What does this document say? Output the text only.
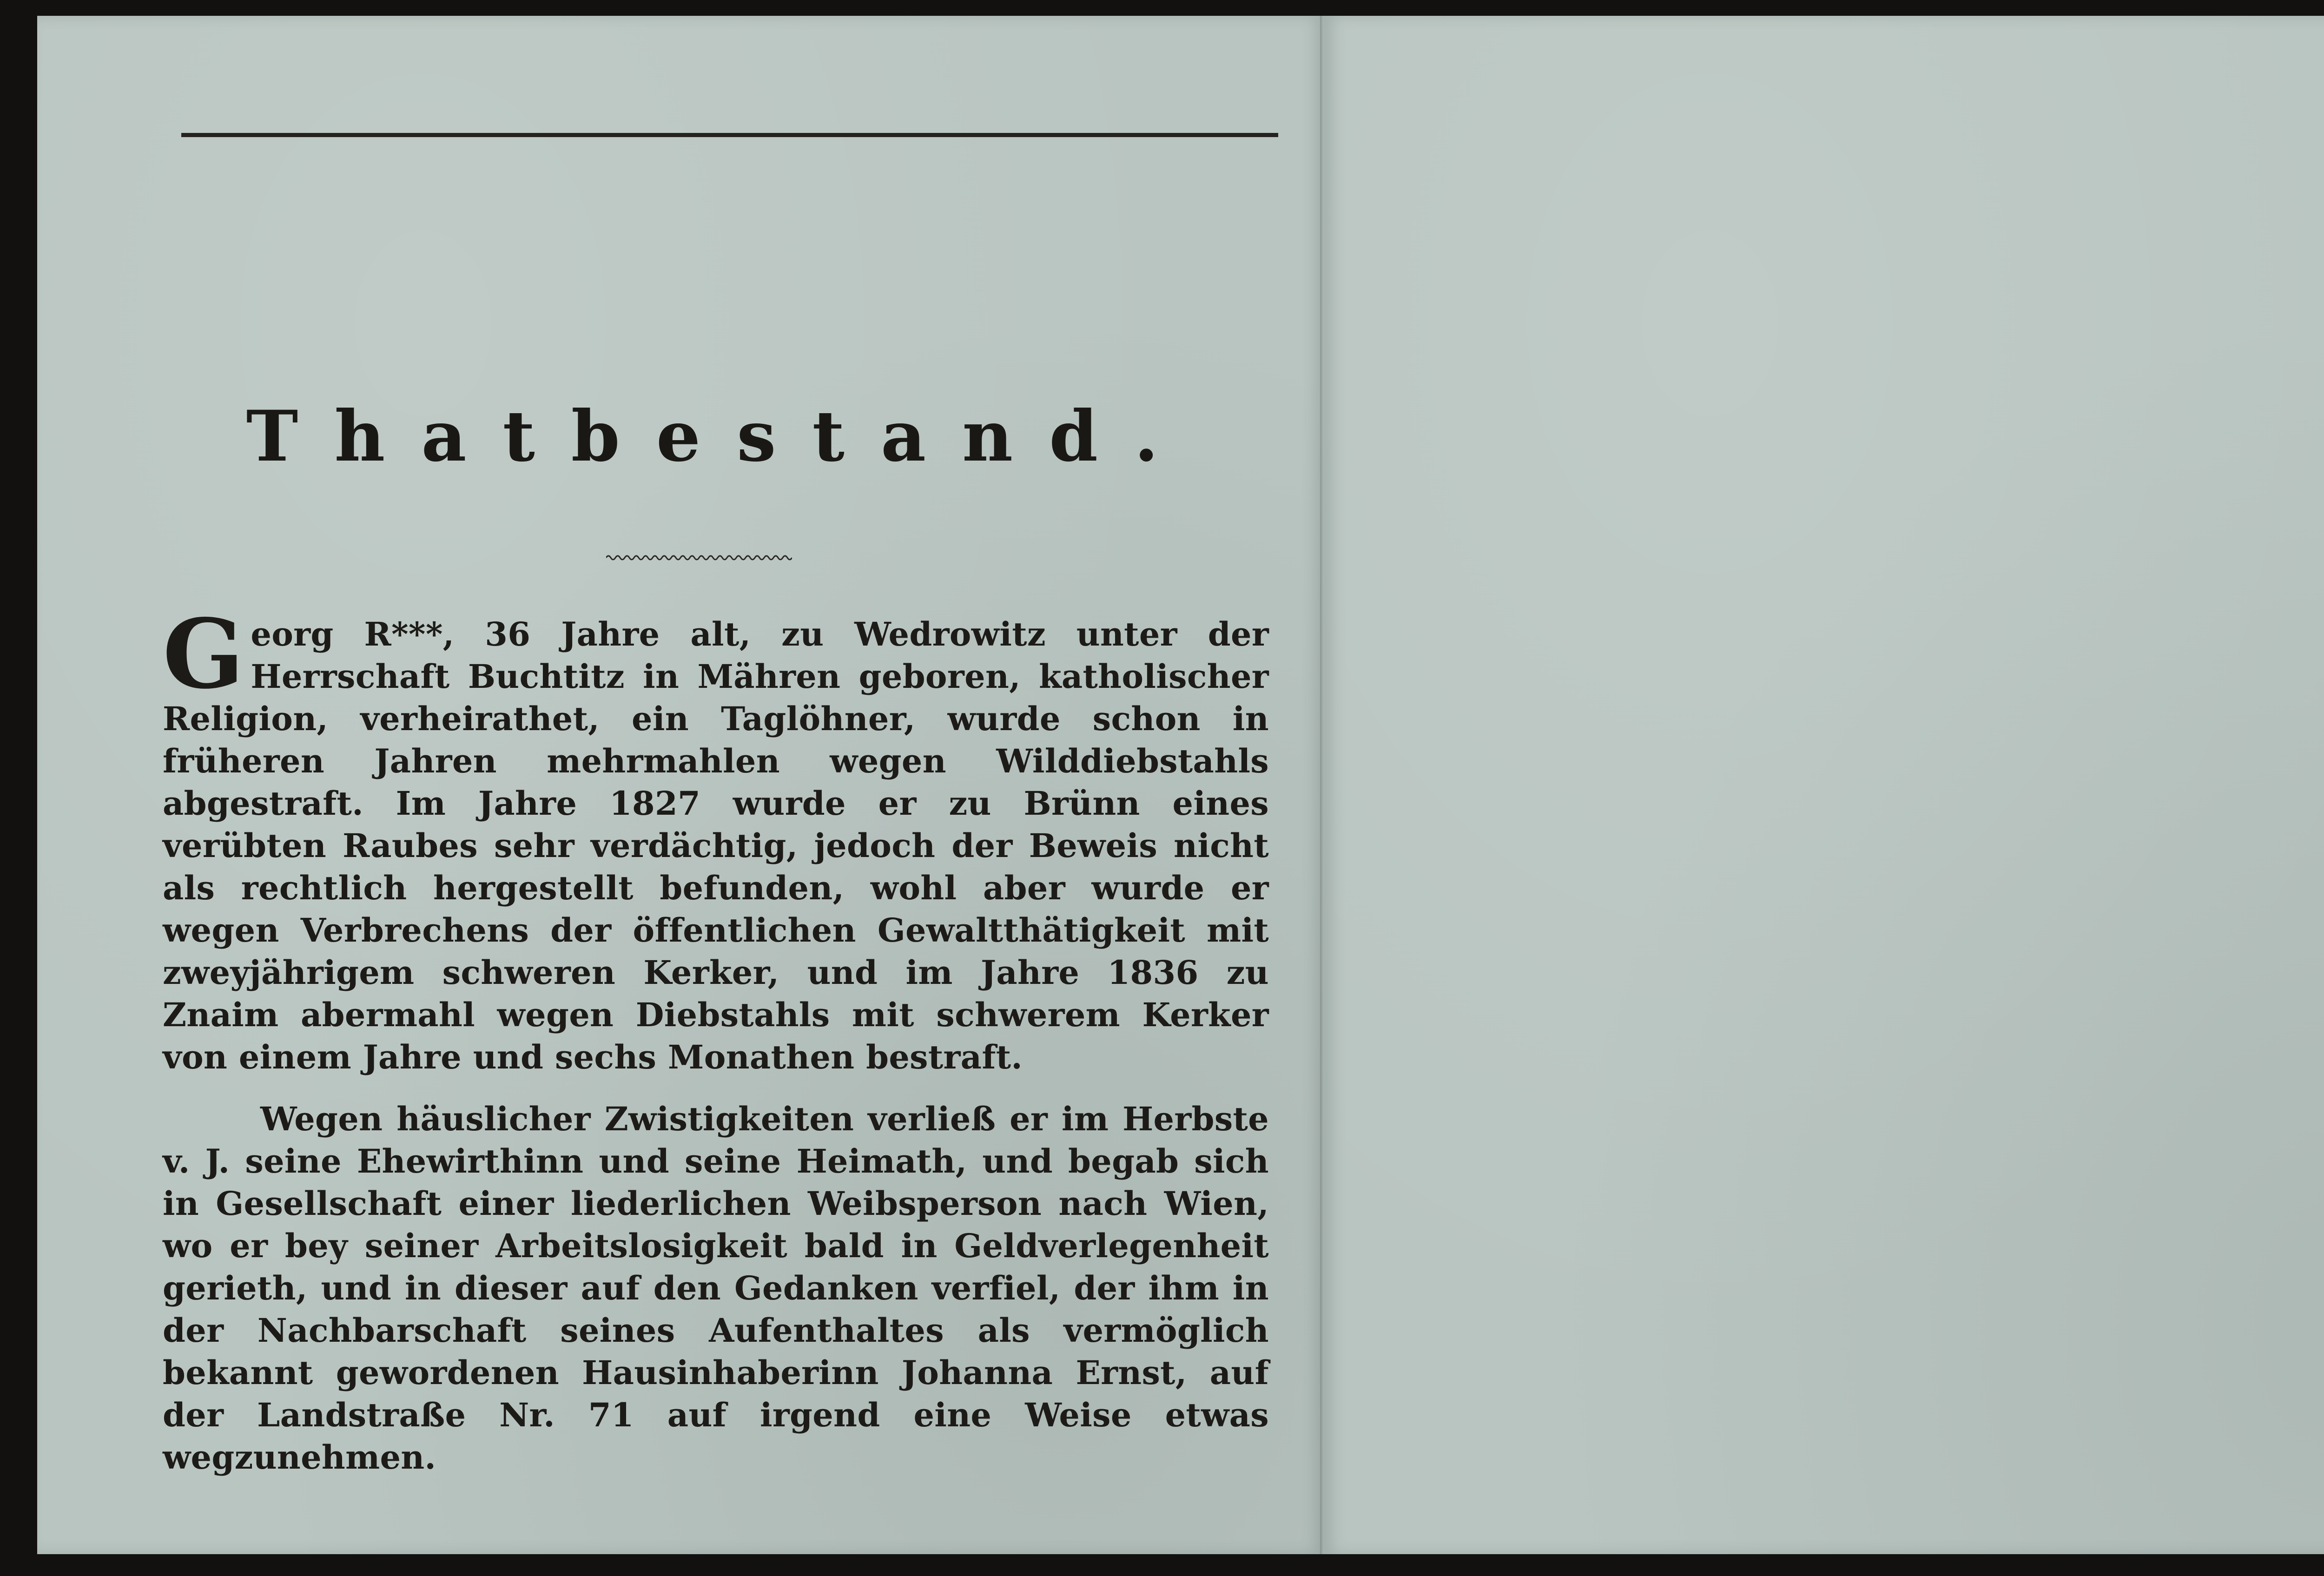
Thatbestand.

Georg R***, 36 Jahre alt, zu Wedrowitz unter der Herrschaft Buchtitz in Mähren geboren, katholischer Religion, verheirathet, ein Taglöhner, wurde schon in früheren Jahren mehrmahlen wegen Wilddiebstahls abgestraft. Im Jahre 1827 wurde er zu Brünn eines verübten Raubes sehr verdächtig, jedoch der Beweis nicht als rechtlich hergestellt befunden, wohl aber wurde er wegen Verbrechens der öffentlichen Gewaltthätigkeit mit zweyjährigem schweren Kerker, und im Jahre 1836 zu Znaim abermahl wegen Diebstahls mit schwerem Kerker von einem Jahre und sechs Monathen bestraft.

Wegen häuslicher Zwistigkeiten verließ er im Herbste v. J. seine Ehewirthinn und seine Heimath, und begab sich in Gesellschaft einer liederlichen Weibsperson nach Wien, wo er bey seiner Arbeitslosigkeit bald in Geldverlegenheit gerieth, und in dieser auf den Gedanken verfiel, der ihm in der Nachbarschaft seines Aufenthaltes als vermöglich bekannt gewordenen Hausinhaberinn Johanna Ernst, auf der Landstraße Nr. 71 auf irgend eine Weise etwas wegzunehmen.
